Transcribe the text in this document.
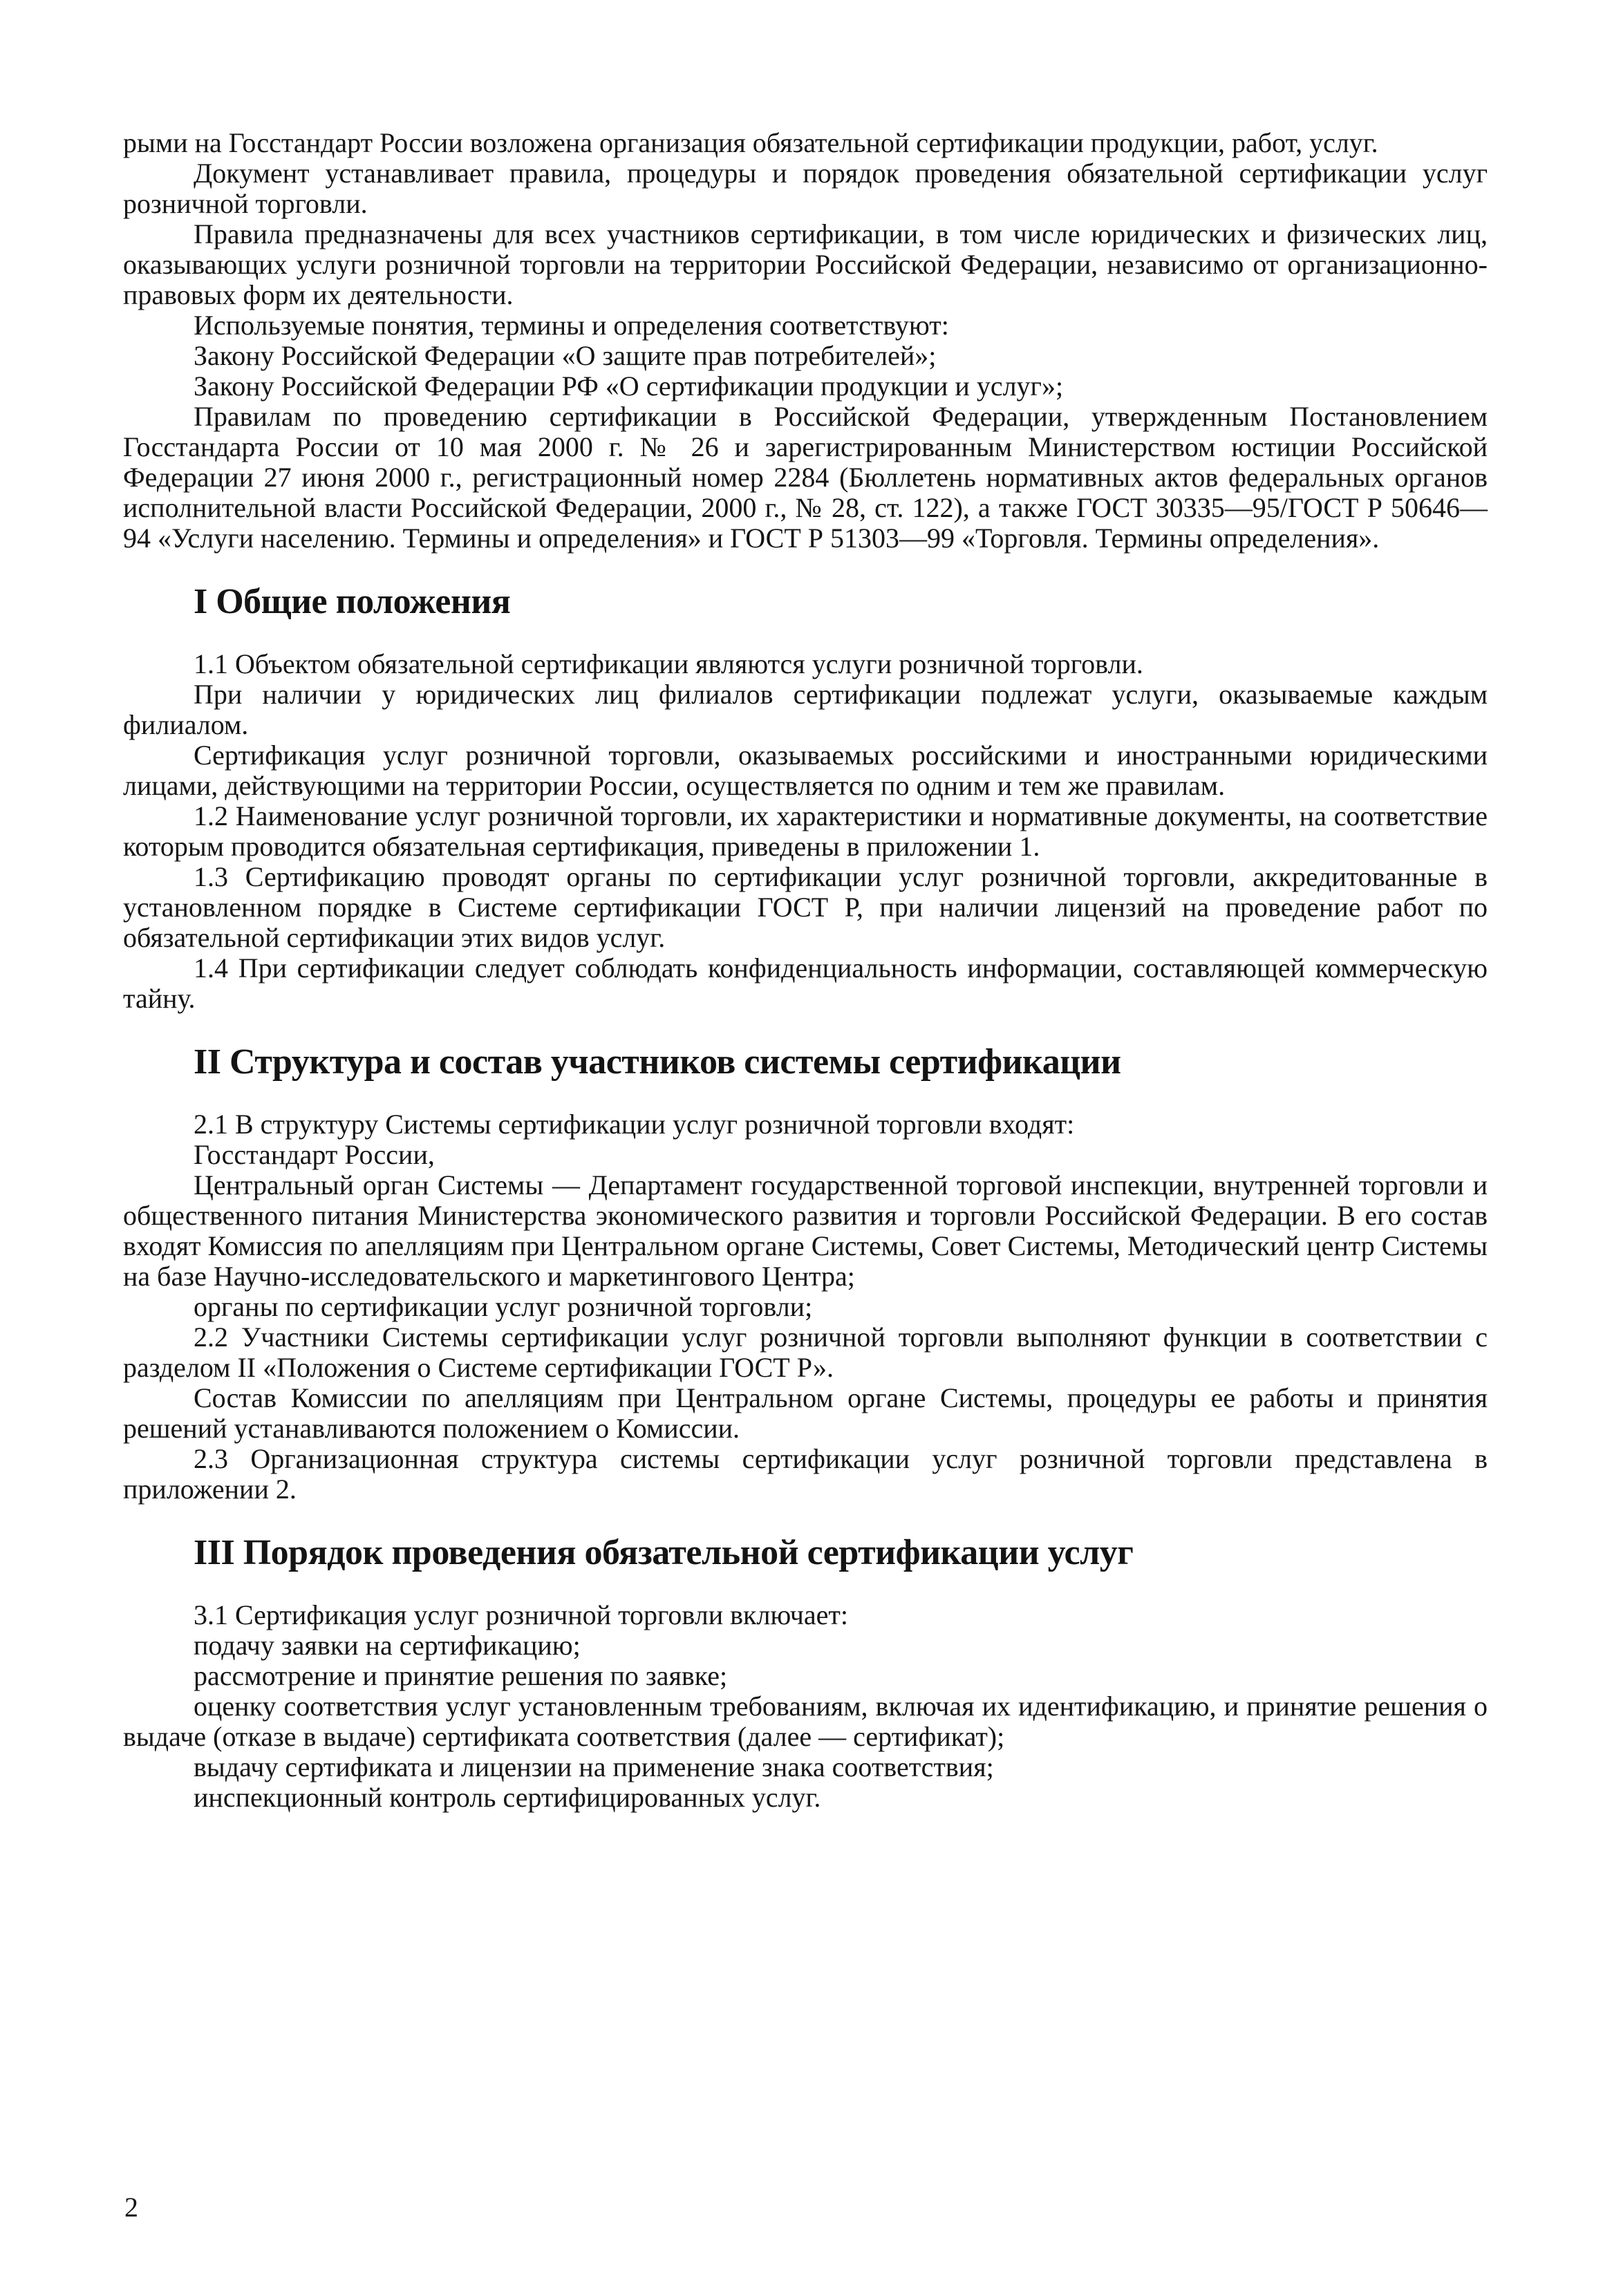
рыми на Госстандарт России возложена организация обязательной сертификации продукции, работ, услуг.

Документ устанавливает правила, процедуры и порядок проведения обязательной сертификации услуг розничной торговли.

Правила предназначены для всех участников сертификации, в том числе юридических и физических лиц, оказывающих услуги розничной торговли на территории Российской Федерации, независимо от организационно-правовых форм их деятельности.

Используемые понятия, термины и определения соответствуют:

Закону Российской Федерации «О защите прав потребителей»;

Закону Российской Федерации РФ «О сертификации продукции и услуг»;

Правилам по проведению сертификации в Российской Федерации, утвержденным Постановлением Госстандарта России от 10 мая 2000 г. № 26 и зарегистрированным Министерством юстиции Российской Федерации 27 июня 2000 г., регистрационный номер 2284 (Бюллетень нормативных актов федеральных органов исполнительной власти Российской Федерации, 2000 г., № 28, ст. 122), а также ГОСТ 30335—95/ГОСТ Р 50646—94 «Услуги населению. Термины и определения» и ГОСТ Р 51303—99 «Торговля. Термины определения».

I Общие положения

1.1 Объектом обязательной сертификации являются услуги розничной торговли.

При наличии у юридических лиц филиалов сертификации подлежат услуги, оказываемые каждым филиалом.

Сертификация услуг розничной торговли, оказываемых российскими и иностранными юридическими лицами, действующими на территории России, осуществляется по одним и тем же правилам.

1.2 Наименование услуг розничной торговли, их характеристики и нормативные документы, на соответствие которым проводится обязательная сертификация, приведены в приложении 1.

1.3 Сертификацию проводят органы по сертификации услуг розничной торговли, аккредитованные в установленном порядке в Системе сертификации ГОСТ Р, при наличии лицензий на проведение работ по обязательной сертификации этих видов услуг.

1.4 При сертификации следует соблюдать конфиденциальность информации, составляющей коммерческую тайну.

II Структура и состав участников системы сертификации

2.1 В структуру Системы сертификации услуг розничной торговли входят:

Госстандарт России,

Центральный орган Системы — Департамент государственной торговой инспекции, внутренней торговли и общественного питания Министерства экономического развития и торговли Российской Федерации. В его состав входят Комиссия по апелляциям при Центральном органе Системы, Совет Системы, Методический центр Системы на базе Научно-исследовательского и маркетингового Центра;

органы по сертификации услуг розничной торговли;

2.2 Участники Системы сертификации услуг розничной торговли выполняют функции в соответствии с разделом II «Положения о Системе сертификации ГОСТ Р».

Состав Комиссии по апелляциям при Центральном органе Системы, процедуры ее работы и принятия решений устанавливаются положением о Комиссии.

2.3 Организационная структура системы сертификации услуг розничной торговли представлена в приложении 2.

III Порядок проведения обязательной сертификации услуг

3.1 Сертификация услуг розничной торговли включает:

подачу заявки на сертификацию;

рассмотрение и принятие решения по заявке;

оценку соответствия услуг установленным требованиям, включая их идентификацию, и принятие решения о выдаче (отказе в выдаче) сертификата соответствия (далее — сертификат);

выдачу сертификата и лицензии на применение знака соответствия;

инспекционный контроль сертифицированных услуг.

2
